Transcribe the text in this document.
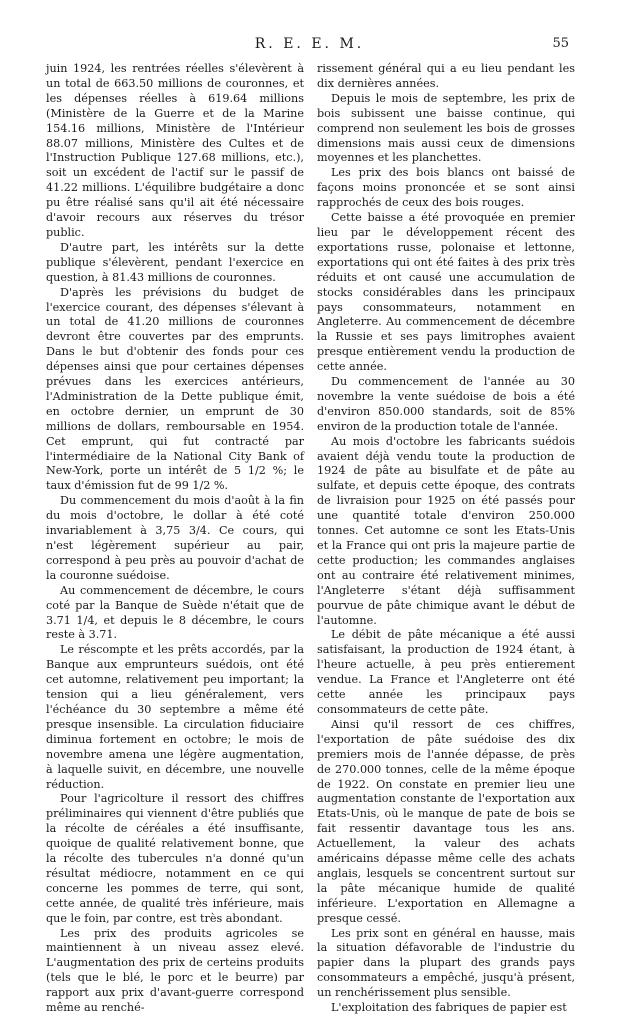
R. E. E. M.	55

juin 1924, les rentrées réelles s'élevèrent à un total de 663.50 millions de couronnes, et les dépenses réelles à 619.64 millions (Ministère de la Guerre et de la Marine 154.16 millions, Ministère de l'Intérieur 88.07 millions, Ministère des Cultes et de l'Instruction Publique 127.68 millions, etc.), soit un excédent de l'actif sur le passif de 41.22 millions. L'équilibre budgétaire a donc pu être réalisé sans qu'il ait été nécessaire d'avoir recours aux réserves du trésor public.

D'autre part, les intérêts sur la dette publique s'élevèrent, pendant l'exercice en question, à 81.43 millions de couronnes.

D'après les prévisions du budget de l'exercice courant, des dépenses s'élevant à un total de 41.20 millions de couronnes devront être couvertes par des emprunts. Dans le but d'obtenir des fonds pour ces dépenses ainsi que pour certaines dépenses prévues dans les exercices antérieurs, l'Administration de la Dette publique émit, en octobre dernier, un emprunt de 30 millions de dollars, remboursable en 1954. Cet emprunt, qui fut contracté par l'intermédiaire de la National City Bank of New-York, porte un intérêt de 5 1/2 %; le taux d'émission fut de 99 1/2 %.

Du commencement du mois d'août à la fin du mois d'octobre, le dollar à été coté invariablement à 3,75 3/4. Ce cours, qui n'est légèrement supérieur au pair, correspond à peu près au pouvoir d'achat de la couronne suédoise.

Au commencement de décembre, le cours coté par la Banque de Suède n'était que de 3.71 1/4, et depuis le 8 décembre, le cours reste à 3.71.

Le réscompte et les prêts accordés, par la Banque aux emprunteurs suédois, ont été cet automne, relativement peu important; la tension qui a lieu généralement, vers l'échéance du 30 septembre a même été presque insensible. La circulation fiduciaire diminua fortement en octobre; le mois de novembre amena une légère augmentation, à laquelle suivit, en décembre, une nouvelle réduction.

Pour l'agricolture il ressort des chiffres préliminaires qui viennent d'être publiés que la récolte de céréales a été insuffisante, quoique de qualité relativement bonne, que la récolte des tubercules n'a donné qu'un résultat médiocre, notamment en ce qui concerne les pommes de terre, qui sont, cette année, de qualité très inférieure, mais que le foin, par contre, est très abondant.

Les prix des produits agricoles se maintiennent à un niveau assez elevé. L'augmentation des prix de certeins produits (tels que le blé, le porc et le beurre) par rapport aux prix d'avant-guerre correspond même au renché-

rissement général qui a eu lieu pendant les dix dernières années.

Depuis le mois de septembre, les prix de bois subissent une baisse continue, qui comprend non seulement les bois de grosses dimensions mais aussi ceux de dimensions moyennes et les planchettes.

Les prix des bois blancs ont baissé de façons moins prononcée et se sont ainsi rapprochés de ceux des bois rouges.

Cette baisse a été provoquée en premier lieu par le développement récent des exportations russe, polonaise et lettonne, exportations qui ont été faites à des prix très réduits et ont causé une accumulation de stocks considérables dans les principaux pays consommateurs, notamment en Angleterre. Au commencement de décembre la Russie et ses pays limitrophes avaient presque entièrement vendu la production de cette année.

Du commencement de l'année au 30 novembre la vente suédoise de bois a été d'environ 850.000 standards, soit de 85% environ de la production totale de l'année.

Au mois d'octobre les fabricants suédois avaient déjà vendu toute la production de 1924 de pâte au bisulfate et de pâte au sulfate, et depuis cette époque, des contrats de livraision pour 1925 on été passés pour une quantité totale d'environ 250.000 tonnes. Cet automne ce sont les Etats-Unis et la France qui ont pris la majeure partie de cette production; les commandes anglaises ont au contraire été relativement minimes, l'Angleterre s'étant déjà suffisamment pourvue de pâte chimique avant le début de l'automne.

Le débit de pâte mécanique a été aussi satisfaisant, la production de 1924 étant, à l'heure actuelle, à peu près entierement vendue. La France et l'Angleterre ont été cette année les principaux pays consommateurs de cette pâte.

Ainsi qu'il ressort de ces chiffres, l'exportation de pâte suédoise des dix premiers mois de l'année dépasse, de près de 270.000 tonnes, celle de la même époque de 1922. On constate en premier lieu une augmentation constante de l'exportation aux Etats-Unis, où le manque de pate de bois se fait ressentir davantage tous les ans. Actuellement, la valeur des achats américains dépasse même celle des achats anglais, lesquels se concentrent surtout sur la pâte mécanique humide de qualité inférieure. L'exportation en Allemagne a presque cessé.

Les prix sont en général en hausse, mais la situation défavorable de l'industrie du papier dans la plupart des grands pays consommateurs a empêché, jusqu'à présent, un renchérissement plus sensible.

L'exploitation des fabriques de papier est
